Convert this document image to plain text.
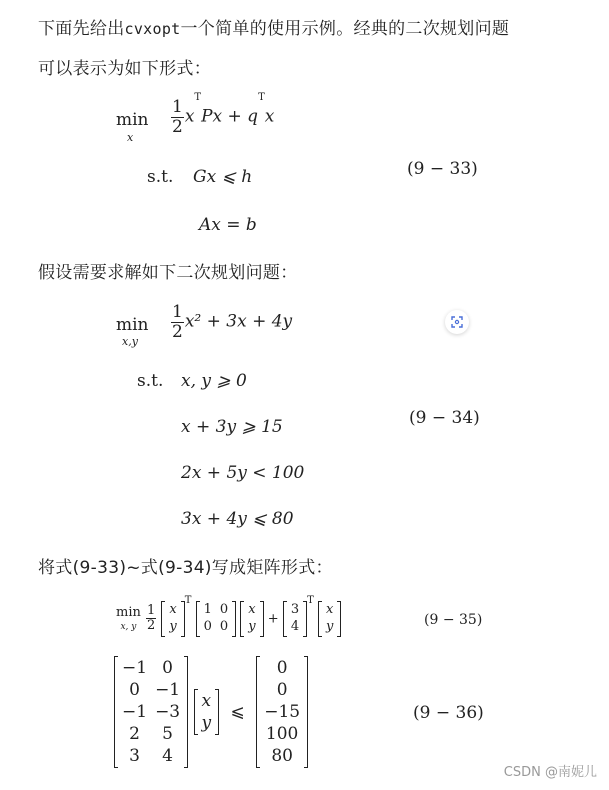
下面先给出cvxopt一个简单的使用示例。经典的二次规划问题
可以表示为如下形式：
min
x
$\frac{1}{2} x^TPx + q^Tx$
s.t. Gx ⩽ h
Ax = b
(9 − 33)
假设需要求解如下二次规划问题：
min
x,y
$\frac{1}{2} x^2 + 3x + 4y$
s.t. x, y ⩾ 0
x + 3y ⩾ 15
2x + 5y < 100
3x + 4y ⩽ 80
(9 − 34)
将式(9-33)~式(9-34)写成矩阵形式：
min
x, y $\frac{1}{2}$
x
y
$^T$
1	0
0	0

x
y +
3
4
$^T$
x
y	(9 − 35)
−1	0
0	−1
−1	−3
2	5
3	4

x
y
⩽
0
0
−15
100
80
(9 − 36)
CSDN @南妮儿
